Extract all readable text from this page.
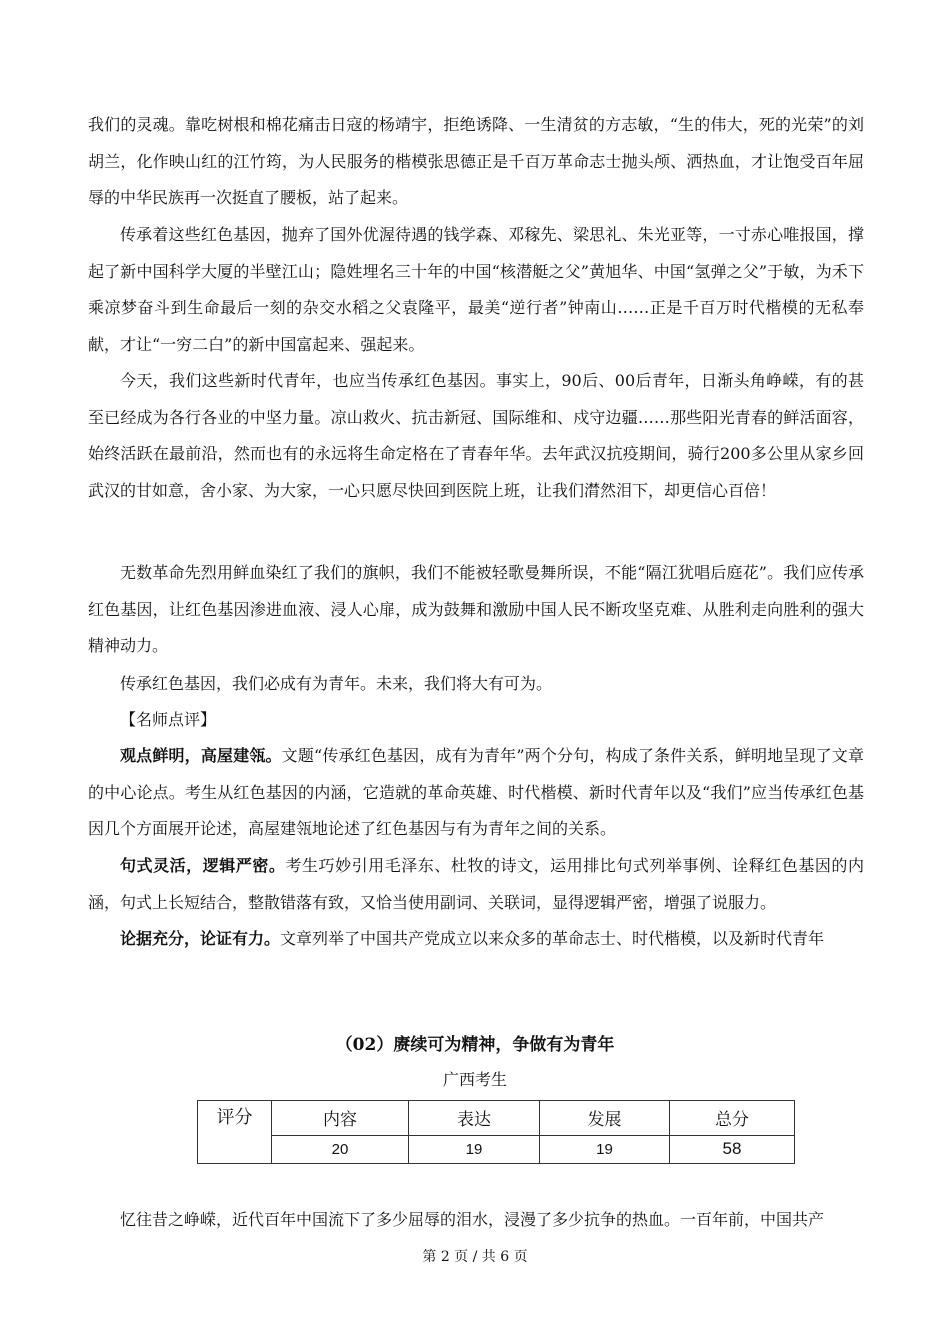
我们的灵魂。靠吃树根和棉花痛击日寇的杨靖宇，拒绝诱降、一生清贫的方志敏，“生的伟大，死的光荣”的刘胡兰，化作映山红的江竹筠，为人民服务的楷模张思德正是千百万革命志士抛头颅、洒热血，才让饱受百年屈辱的中华民族再一次挺直了腰板，站了起来。

传承着这些红色基因，抛弃了国外优渥待遇的钱学森、邓稼先、梁思礼、朱光亚等，一寸赤心唯报国，撑起了新中国科学大厦的半壁江山；隐姓埋名三十年的中国“核潜艇之父”黄旭华、中国“氢弹之父”于敏，为禾下乘凉梦奋斗到生命最后一刻的杂交水稻之父袁隆平，最美“逆行者”钟南山……正是千百万时代楷模的无私奉献，才让“一穷二白”的新中国富起来、强起来。

今天，我们这些新时代青年，也应当传承红色基因。事实上，90后、00后青年，日渐头角峥嵘，有的甚至已经成为各行各业的中坚力量。凉山救火、抗击新冠、国际维和、戍守边疆……那些阳光青春的鲜活面容，始终活跃在最前沿，然而也有的永远将生命定格在了青春年华。去年武汉抗疫期间，骑行200多公里从家乡回武汉的甘如意，舍小家、为大家，一心只愿尽快回到医院上班，让我们潸然泪下，却更信心百倍！

无数革命先烈用鲜血染红了我们的旗帜，我们不能被轻歌曼舞所误，不能“隔江犹唱后庭花”。我们应传承红色基因，让红色基因渗进血液、浸人心扉，成为鼓舞和激励中国人民不断攻坚克难、从胜利走向胜利的强大精神动力。

传承红色基因，我们必成有为青年。未来，我们将大有可为。

【名师点评】

观点鲜明，高屋建瓴。文题“传承红色基因，成有为青年”两个分句，构成了条件关系，鲜明地呈现了文章的中心论点。考生从红色基因的内涵，它造就的革命英雄、时代楷模、新时代青年以及“我们”应当传承红色基因几个方面展开论述，高屋建瓴地论述了红色基因与有为青年之间的关系。

句式灵活，逻辑严密。考生巧妙引用毛泽东、杜牧的诗文，运用排比句式列举事例、诠释红色基因的内涵，句式上长短结合，整散错落有致，又恰当使用副词、关联词，显得逻辑严密，增强了说服力。

论据充分，论证有力。文章列举了中国共产党成立以来众多的革命志士、时代楷模，以及新时代青年

（02）赓续可为精神，争做有为青年

广西考生

评分	内容	表达	发展	总分
	20	19	19	58

忆往昔之峥嵘，近代百年中国流下了多少屈辱的泪水，浸漫了多少抗争的热血。一百年前，中国共产

第 2 页 / 共 6 页
